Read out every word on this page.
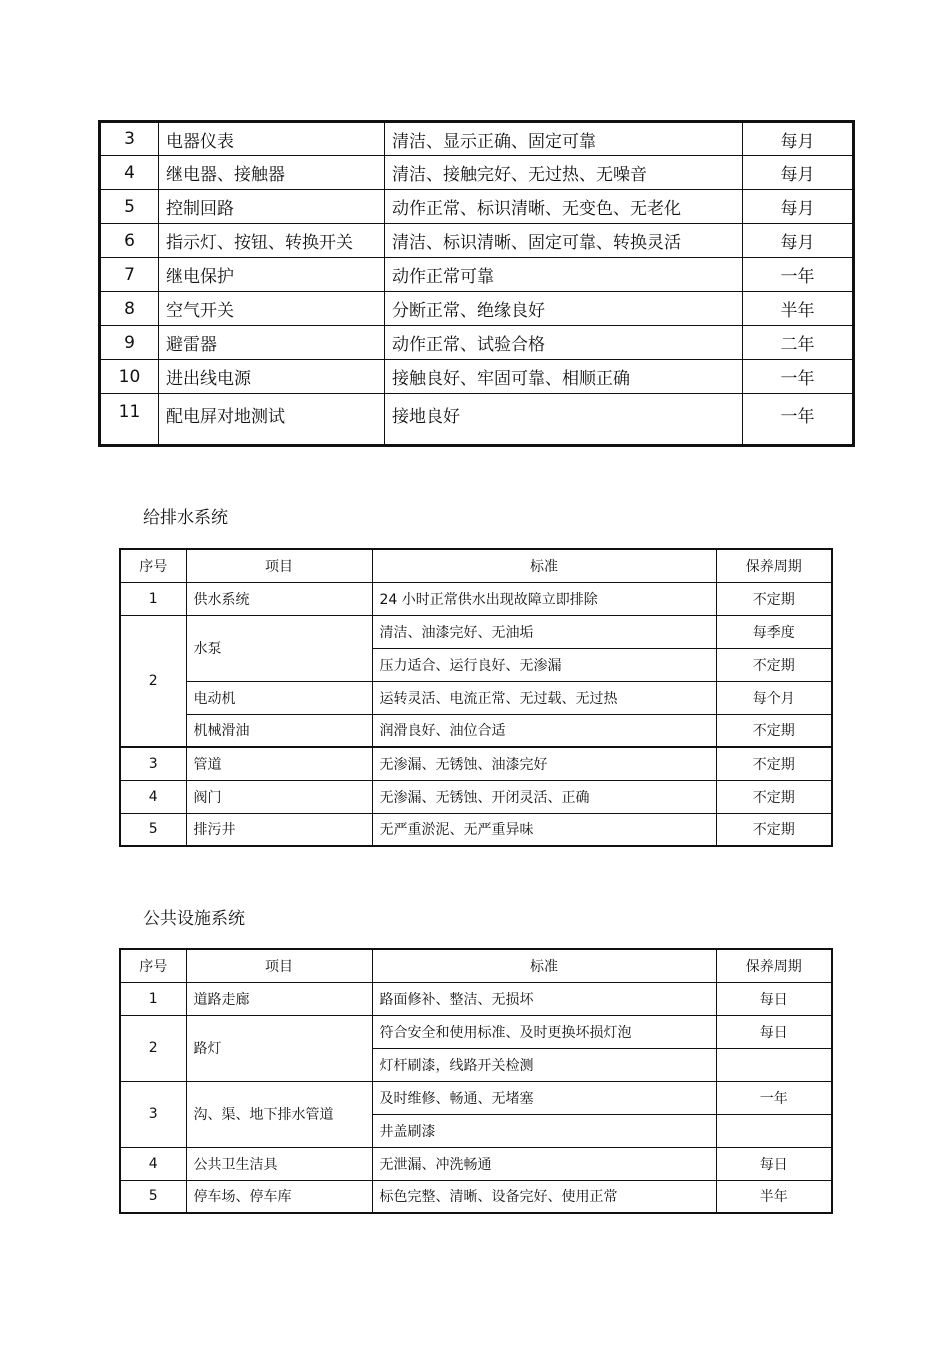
3	电器仪表	清洁、显示正确、固定可靠	每月
4	继电器、接触器	清洁、接触完好、无过热、无噪音	每月
5	控制回路	动作正常、标识清晰、无变色、无老化	每月
6	指示灯、按钮、转换开关	清洁、标识清晰、固定可靠、转换灵活	每月
7	继电保护	动作正常可靠	一年
8	空气开关	分断正常、绝缘良好	半年
9	避雷器	动作正常、试验合格	二年
10	进出线电源	接触良好、牢固可靠、相顺正确	一年
11	配电屏对地测试	接地良好	一年
给排水系统
序号	项目	标准	保养周期
1	供水系统	24 小时正常供水出现故障立即排除	不定期
2	水泵	清洁、油漆完好、无油垢	每季度
		压力适合、运行良好、无渗漏	不定期
	电动机	运转灵活、电流正常、无过载、无过热	每个月
	机械滑油	润滑良好、油位合适	不定期
3	管道	无渗漏、无锈蚀、油漆完好	不定期
4	阀门	无渗漏、无锈蚀、开闭灵活、正确	不定期
5	排污井	无严重淤泥、无严重异味	不定期
公共设施系统
序号	项目	标准	保养周期
1	道路走廊	路面修补、整洁、无损坏	每日
2	路灯	符合安全和使用标准、及时更换坏损灯泡	每日
		灯杆刷漆，线路开关检测	
3	沟、渠、地下排水管道	及时维修、畅通、无堵塞	一年
		井盖刷漆	
4	公共卫生洁具	无泄漏、冲洗畅通	每日
5	停车场、停车库	标色完整、清晰、设备完好、使用正常	半年
